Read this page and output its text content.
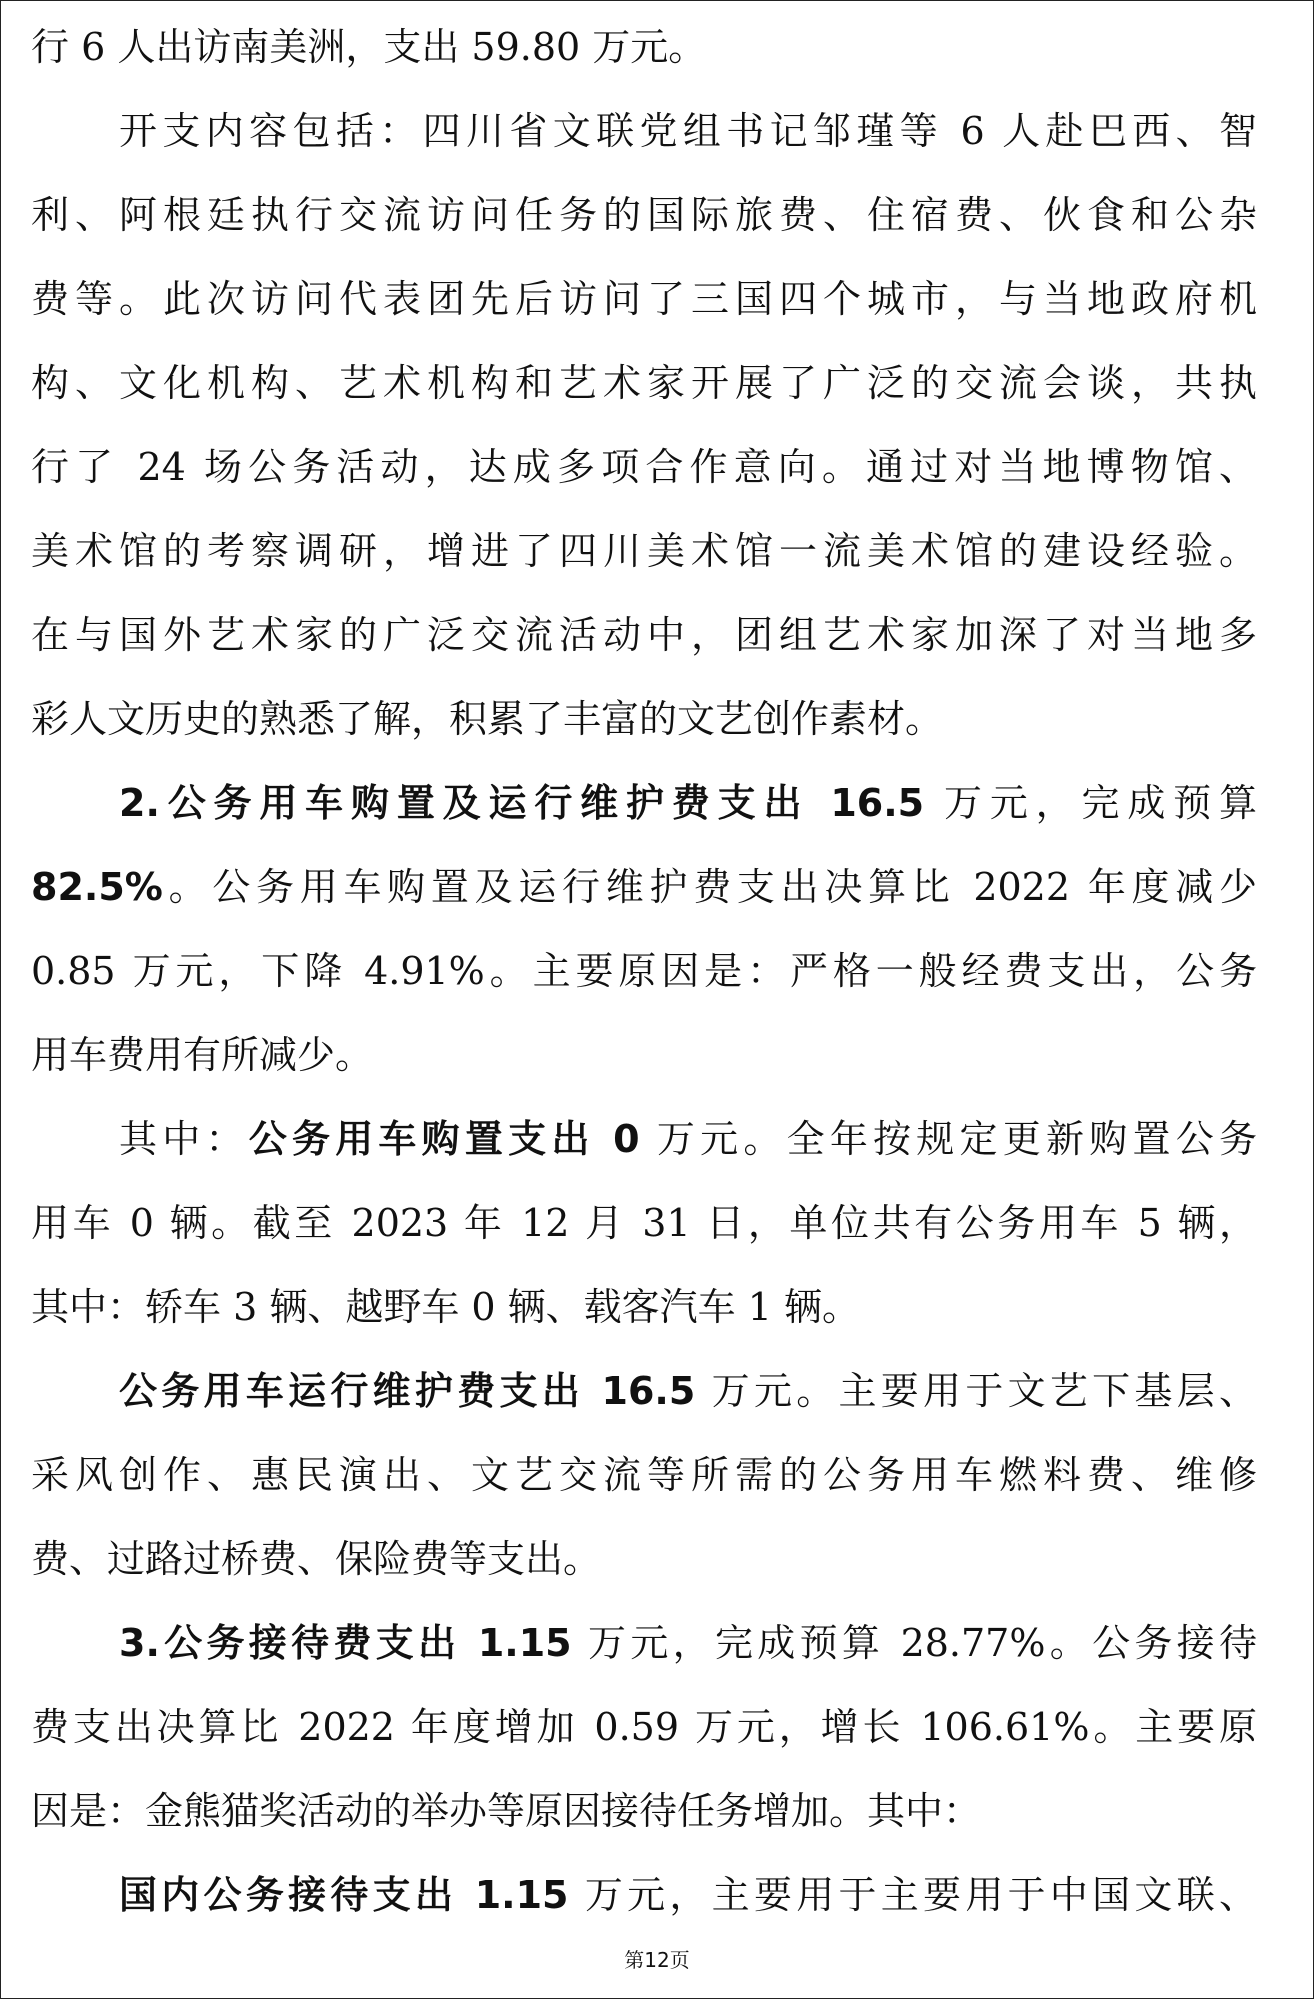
行 6 人出访南美洲，支出 59.80 万元。
开支内容包括：四川省文联党组书记邹瑾等 6 人赴巴西、智
利、阿根廷执行交流访问任务的国际旅费、住宿费、伙食和公杂
费等。此次访问代表团先后访问了三国四个城市，与当地政府机
构、文化机构、艺术机构和艺术家开展了广泛的交流会谈，共执
行了 24 场公务活动，达成多项合作意向。通过对当地博物馆、
美术馆的考察调研，增进了四川美术馆一流美术馆的建设经验。
在与国外艺术家的广泛交流活动中，团组艺术家加深了对当地多
彩人文历史的熟悉了解，积累了丰富的文艺创作素材。
2.公务用车购置及运行维护费支出 16.5 万元，完成预算
82.5%。公务用车购置及运行维护费支出决算比 2022 年度减少
0.85 万元，下降 4.91%。主要原因是：严格一般经费支出，公务
用车费用有所减少。
其中：公务用车购置支出 0 万元。全年按规定更新购置公务
用车 0 辆。截至 2023 年 12 月 31 日，单位共有公务用车 5 辆，
其中：轿车 3 辆、越野车 0 辆、载客汽车 1 辆。
公务用车运行维护费支出 16.5 万元。主要用于文艺下基层、
采风创作、惠民演出、文艺交流等所需的公务用车燃料费、维修
费、过路过桥费、保险费等支出。
3.公务接待费支出 1.15 万元，完成预算 28.77%。公务接待
费支出决算比 2022 年度增加 0.59 万元，增长 106.61%。主要原
因是：金熊猫奖活动的举办等原因接待任务增加。其中：
国内公务接待支出 1.15 万元，主要用于主要用于中国文联、
第12页
